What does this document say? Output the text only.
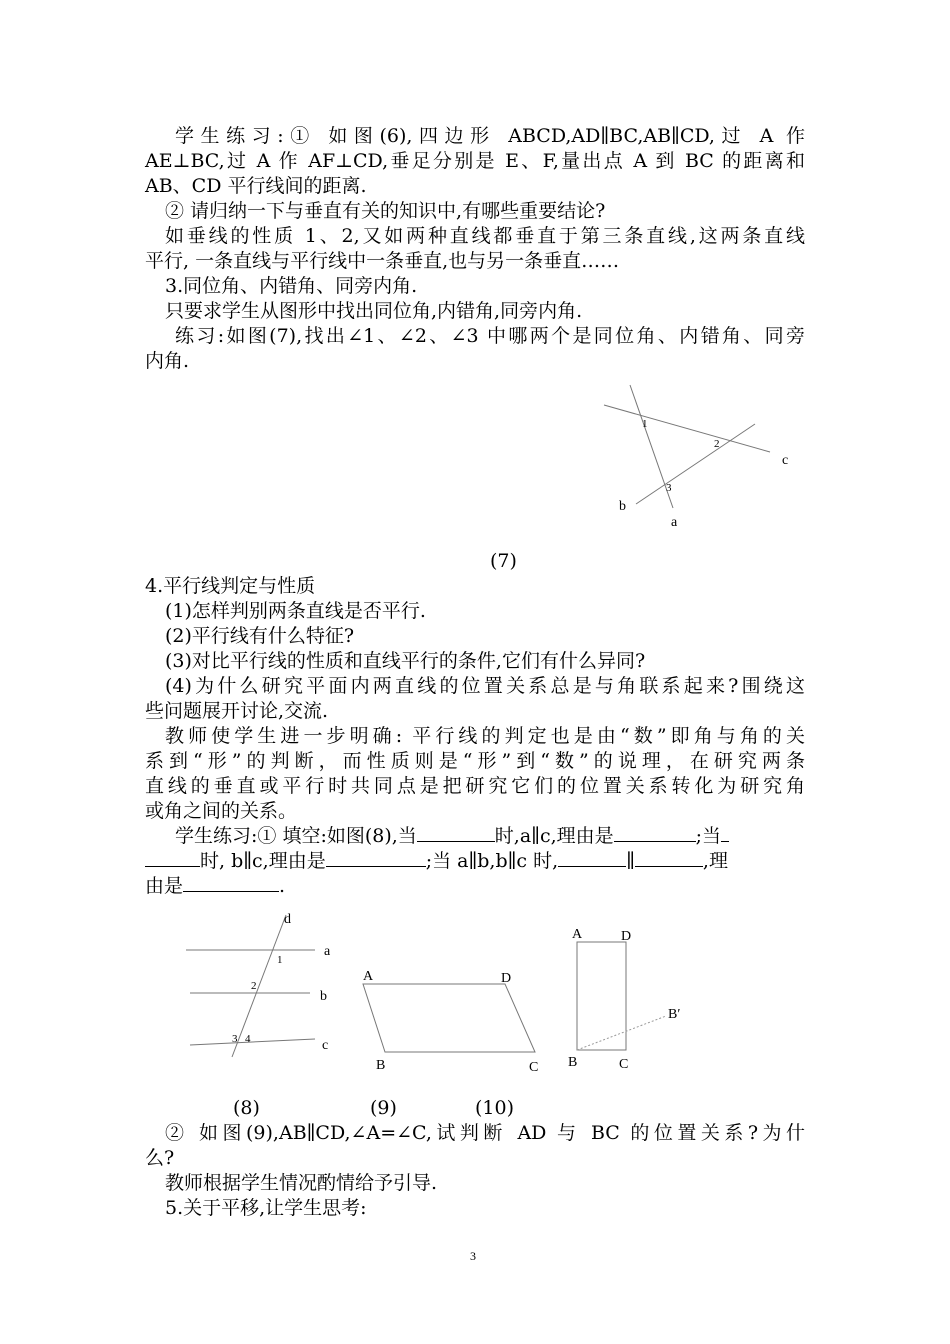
学生练习:① 如图(6),四边形 ABCD,AD∥BC,AB∥CD,过 A 作
AE⊥BC,过 A 作 AF⊥CD,垂足分别是 E、F,量出点 A 到 BC 的距离和
AB、CD 平行线间的距离.
② 请归纳一下与垂直有关的知识中,有哪些重要结论?
如垂线的性质 1、2,又如两种直线都垂直于第三条直线,这两条直线
平行, 一条直线与平行线中一条垂直,也与另一条垂直……
3.同位角、内错角、同旁内角.
只要求学生从图形中找出同位角,内错角,同旁内角.
练习:如图(7),找出∠1、∠2、∠3 中哪两个是同位角、内错角、同旁
内角.
1
2
3
c
b
a
(7)
4.平行线判定与性质
(1)怎样判别两条直线是否平行.
(2)平行线有什么特征?
(3)对比平行线的性质和直线平行的条件,它们有什么异同?
(4)为什么研究平面内两直线的位置关系总是与角联系起来?围绕这
些问题展开讨论,交流.
教师使学生进一步明确: 平行线的判定也是由“数”即角与角的关
系到“形”的判断，而性质则是“形”到“数”的说理，在研究两条
直线的垂直或平行时共同点是把研究它们的位置关系转化为研究角
或角之间的关系。
学生练习:① 填空:如图(8),当	时,a∥c,理由是	;当
时, b∥c,理由是	;当 a∥b,b∥c 时,	∥	,理
由是	.
d
a
b
c
1
2
3 4
A	D
B	C
A	D
B	C
B′
(8)	(9)	(10)
② 如图(9),AB∥CD,∠A=∠C,试判断 AD 与 BC 的位置关系?为什
么?
教师根据学生情况酌情给予引导.
5.关于平移,让学生思考:
3
